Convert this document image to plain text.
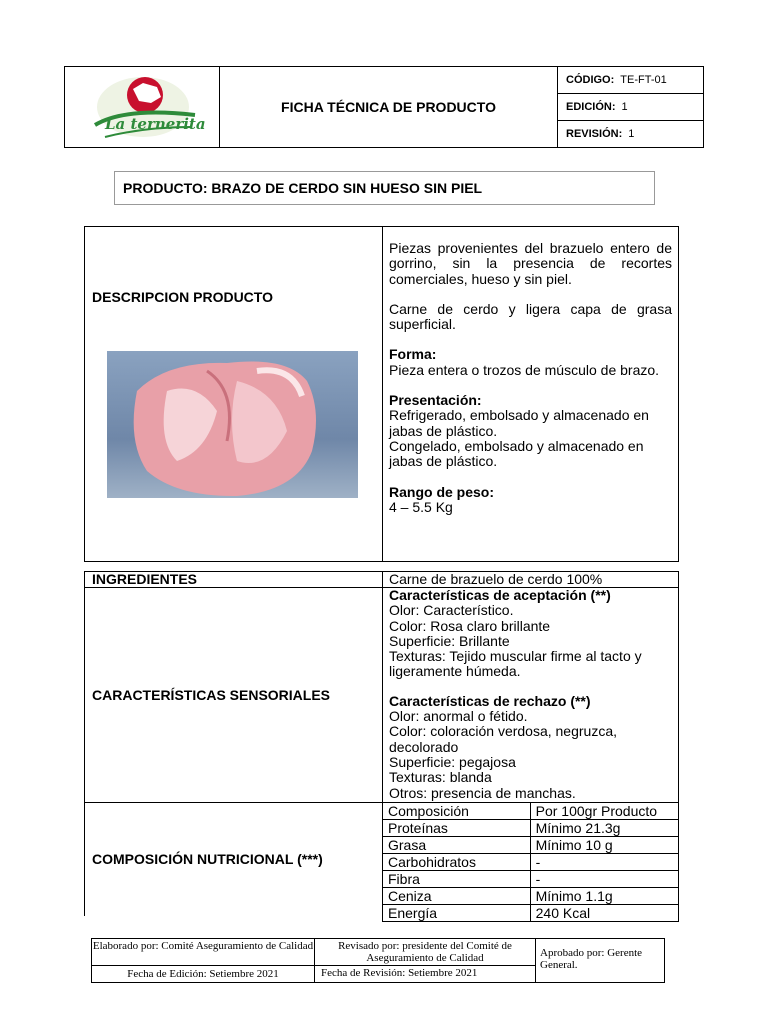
La ternerita
FICHA TÉCNICA DE PRODUCTO
CÓDIGO: TE-FT-01
EDICIÓN: 1
REVISIÓN: 1
PRODUCTO: BRAZO DE CERDO SIN HUESO SIN PIEL
DESCRIPCION PRODUCTO

Piezas provenientes del brazuelo entero de gorrino, sin la presencia de recortes comerciales, hueso y sin piel.

Carne de cerdo y ligera capa de grasa superficial.

Forma:

Pieza entera o trozos de músculo de brazo.

Presentación:

Refrigerado, embolsado y almacenado en jabas de plástico.

Congelado, embolsado y almacenado en jabas de plástico.

Rango de peso:

4 – 5.5 Kg

INGREDIENTES	Carne de brazuelo de cerdo 100%
CARACTERÍSTICAS SENSORIALES

Características de aceptación (**)

Olor: Característico.

Color: Rosa claro brillante

Superficie: Brillante

Texturas: Tejido muscular firme al tacto y ligeramente húmeda.

Características de rechazo (**)

Olor: anormal o fétido.

Color: coloración verdosa, negruzca, decolorado

Superficie: pegajosa

Texturas: blanda

Otros: presencia de manchas.

COMPOSICIÓN NUTRICIONAL (***)
Composición	Por 100gr Producto
Proteínas	Mínimo 21.3g
Grasa	Mínimo 10 g
Carbohidratos	-
Fibra	-
Ceniza	Mínimo 1.1g
Energía	240 Kcal
Elaborado por: Comité Aseguramiento de Calidad	Revisado por: presidente del Comité de Aseguramiento de Calidad	Aprobado por: Gerente General.
Fecha de Edición: Setiembre 2021	Fecha de Revisión: Setiembre 2021
